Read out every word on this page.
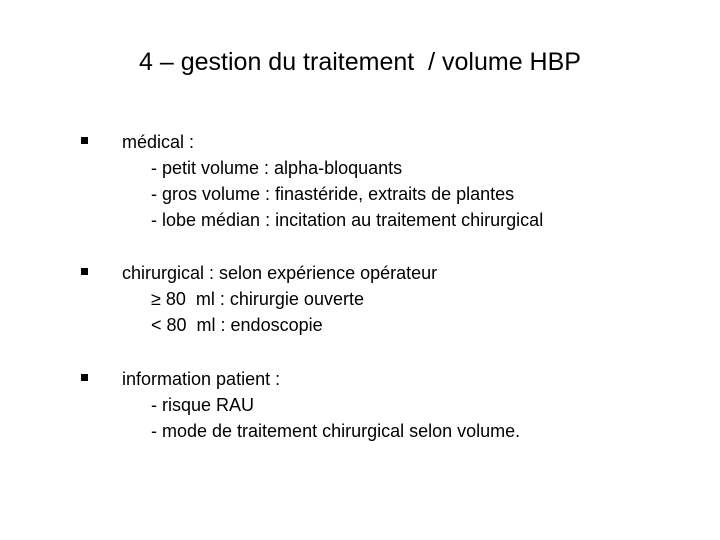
4 – gestion du traitement  / volume HBP
médical :
- petit volume : alpha-bloquants
- gros volume : finastéride, extraits de plantes
- lobe médian : incitation au traitement chirurgical
chirurgical : selon expérience opérateur
≥ 80  ml : chirurgie ouverte
< 80  ml : endoscopie
information patient :
- risque RAU
- mode de traitement chirurgical selon volume.
